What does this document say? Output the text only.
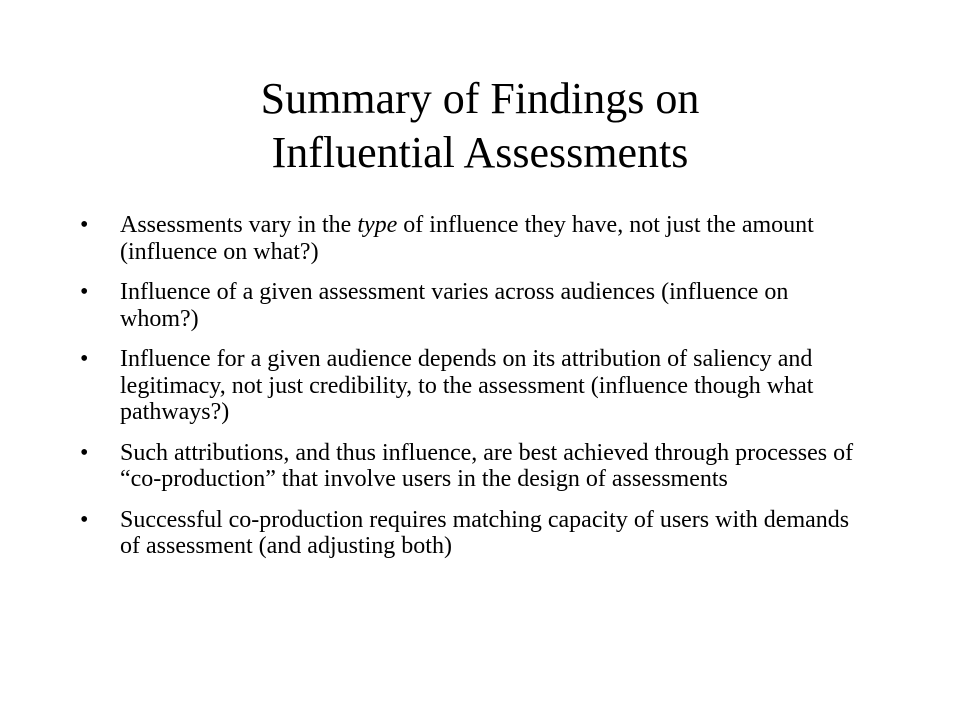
Summary of Findings on
Influential Assessments
• Assessments vary in the type of influence they have, not just the amount (influence on what?)
• Influence of a given assessment varies across audiences (influence on whom?)
• Influence for a given audience depends on its attribution of saliency and legitimacy, not just credibility, to the assessment (influence though what pathways?)
• Such attributions, and thus influence, are best achieved through processes of “co-production” that involve users in the design of assessments
• Successful co-production requires matching capacity of users with demands of assessment (and adjusting both)
